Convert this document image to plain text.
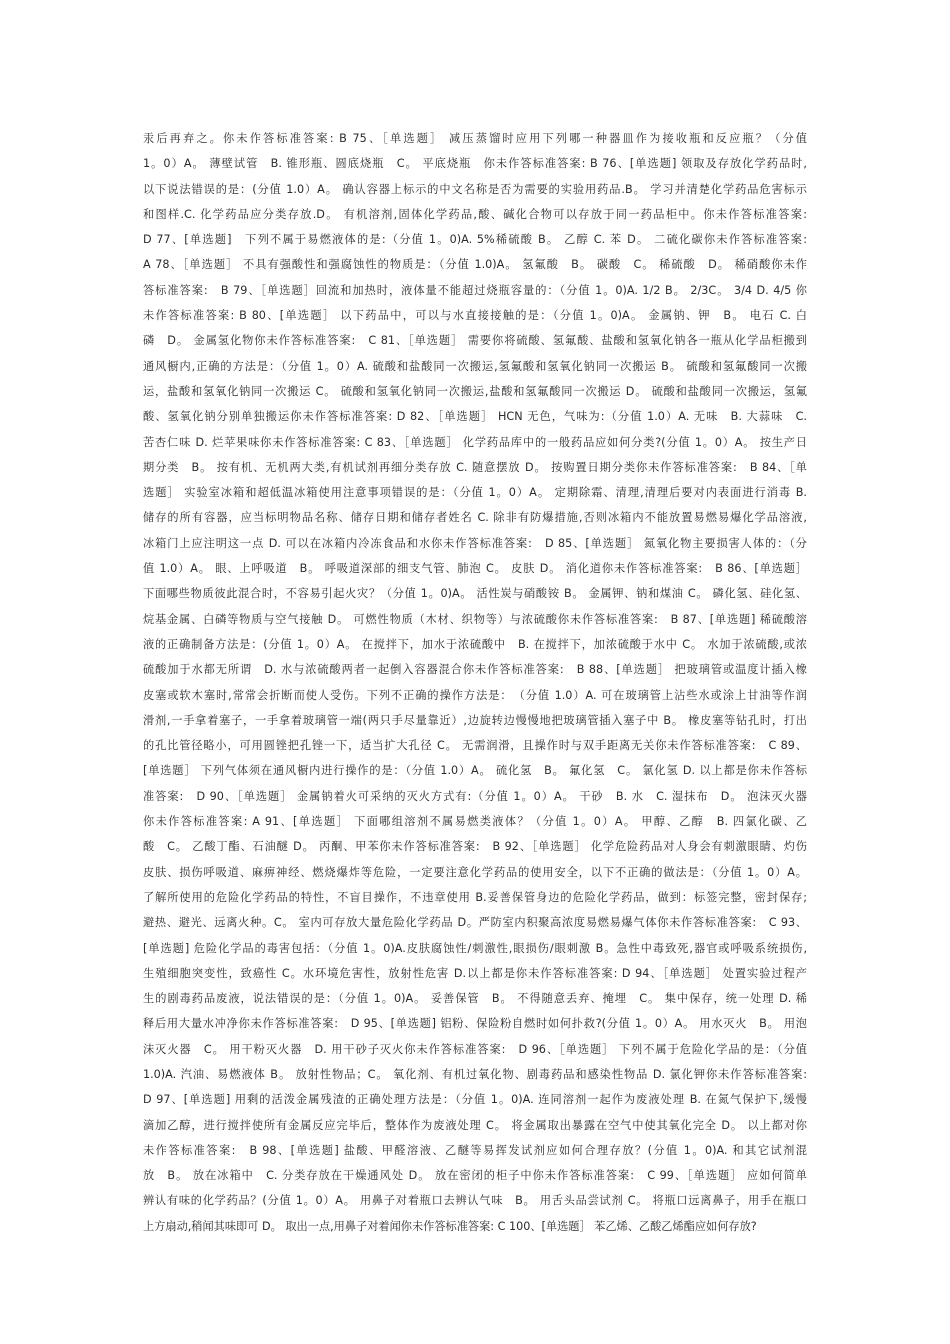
汞后再弃之。你未作答标准答案: B 75、［单选题］ 减压蒸馏时应用下列哪一种器皿作为接收瓶和反应瓶？（分值
1。0）A。 薄壁试管　B. 锥形瓶、圆底烧瓶　C。 平底烧瓶　你未作答标准答案: B 76、[单选题] 领取及存放化学药品时,
以下说法错误的是：(分值 1.0）A。 确认容器上标示的中文名称是否为需要的实验用药品.B。 学习并清楚化学药品危害标示
和图样.C. 化学药品应分类存放.D。 有机溶剂,固体化学药品,酸、碱化合物可以存放于同一药品柜中。你未作答标准答案:
D 77、[单选题]　下列不属于易燃液体的是:（分值 1。0)A. 5%稀硫酸 B。 乙醇 C. 苯 D。 二硫化碳你未作答标准答案:
A 78、［单选题］ 不具有强酸性和强腐蚀性的物质是：（分值 1.0)A。 氢氟酸　B。 碳酸　C。 稀硫酸　D。 稀硝酸你未作
答标准答案:　B 79、［单选题］回流和加热时，液体量不能超过烧瓶容量的：（分值 1。0)A. 1/2 B。 2/3C。 3/4 D. 4/5 你
未作答标准答案: B 80、[单选题］ 以下药品中，可以与水直接接触的是：（分值 1。0)A。 金属钠、钾　B。 电石 C. 白
磷　D。 金属氢化物你未作答标准答案:　C 81、［单选题］ 需要你将硫酸、氢氟酸、盐酸和氢氧化钠各一瓶从化学品柜搬到
通风橱内,正确的方法是：（分值 1。0）A. 硫酸和盐酸同一次搬运,氢氟酸和氢氧化钠同一次搬运 B。 硫酸和氢氟酸同一次搬
运，盐酸和氢氧化钠同一次搬运 C。 硫酸和氢氧化钠同一次搬运,盐酸和氢氟酸同一次搬运 D。 硫酸和盐酸同一次搬运，氢氟
酸、氢氧化钠分别单独搬运你未作答标准答案: D 82、［单选题］ HCN 无色，气味为:（分值 1.0）A. 无味　B. 大蒜味　C.
苦杏仁味 D. 烂苹果味你未作答标准答案: C 83、［单选题］ 化学药品库中的一般药品应如何分类?(分值 1。0）A。 按生产日
期分类　B。 按有机、无机两大类,有机试剂再细分类存放 C. 随意摆放 D。 按购置日期分类你未作答标准答案:　B 84、［单
选题］ 实验室冰箱和超低温冰箱使用注意事项错误的是：（分值 1。0）A。 定期除霜、清理,清理后要对内表面进行消毒 B.
储存的所有容器，应当标明物品名称、储存日期和储存者姓名 C. 除非有防爆措施,否则冰箱内不能放置易燃易爆化学品溶液,
冰箱门上应注明这一点 D. 可以在冰箱内冷冻食品和水你未作答标准答案:　D 85、[单选题］ 氮氧化物主要损害人体的：（分
值 1.0）A。 眼、上呼吸道　B。 呼吸道深部的细支气管、肺泡 C。 皮肤 D。 消化道你未作答标准答案:　B 86、[单选题］
下面哪些物质彼此混合时，不容易引起火灾？（分值 1。0)A。 活性炭与硝酸铵 B。 金属钾、钠和煤油 C。 磷化氢、硅化氢、
烷基金属、白磷等物质与空气接触 D。 可燃性物质（木材、织物等）与浓硫酸你未作答标准答案:　B 87、[单选题] 稀硫酸溶
液的正确制备方法是：(分值 1。0）A。 在搅拌下，加水于浓硫酸中　B. 在搅拌下，加浓硫酸于水中 C。 水加于浓硫酸,或浓
硫酸加于水都无所谓　D. 水与浓硫酸两者一起倒入容器混合你未作答标准答案:　B 88、[单选题］ 把玻璃管或温度计插入橡
皮塞或软木塞时,常常会折断而使人受伤。下列不正确的操作方法是：　（分值 1.0）A. 可在玻璃管上沾些水或涂上甘油等作润
滑剂,一手拿着塞子，一手拿着玻璃管一端(两只手尽量靠近）,边旋转边慢慢地把玻璃管插入塞子中 B。 橡皮塞等钻孔时，打出
的孔比管径略小，可用圆锉把孔锉一下，适当扩大孔径 C。 无需润滑，且操作时与双手距离无关你未作答标准答案:　C 89、
[单选题］ 下列气体须在通风橱内进行操作的是：（分值 1.0）A。 硫化氢　B。 氟化氢　C。 氯化氢 D. 以上都是你未作答标
准答案:　D 90、［单选题］ 金属钠着火可采纳的灭火方式有:（分值 1。0）A。 干砂　B. 水　C. 湿抹布　D。 泡沫灭火器
你未作答标准答案: A 91、[单选题］ 下面哪组溶剂不属易燃类液体？（分值 1。0）A。 甲醇、乙醇　B. 四氯化碳、乙
酸　C。 乙酸丁酯、石油醚 D。 丙酮、甲苯你未作答标准答案:　B 92、［单选题］ 化学危险药品对人身会有刺激眼睛、灼伤
皮肤、损伤呼吸道、麻痹神经、燃烧爆炸等危险，一定要注意化学药品的使用安全，以下不正确的做法是：（分值 1。0）A。
了解所使用的危险化学药品的特性，不盲目操作，不违章使用 B.妥善保管身边的危险化学药品，做到：标签完整，密封保存;
避热、避光、远离火种。C。 室内可存放大量危险化学药品 D。严防室内积聚高浓度易燃易爆气体你未作答标准答案:　C 93、
[单选题] 危险化学品的毒害包括：（分值 1。0)A.皮肤腐蚀性/刺激性,眼损伤/眼刺激 B。急性中毒致死,器官或呼吸系统损伤,
生殖细胞突变性，致癌性 C。水环境危害性，放射性危害 D.以上都是你未作答标准答案: D 94、［单选题］ 处置实验过程产
生的剧毒药品废液，说法错误的是：（分值 1。0)A。 妥善保管　B。 不得随意丢弃、掩埋　C。 集中保存，统一处理 D. 稀
释后用大量水冲净你未作答标准答案:　D 95、[单选题] 铝粉、保险粉自燃时如何扑救?(分值 1。0）A。 用水灭火　B。 用泡
沫灭火器　C。 用干粉灭火器　D. 用干砂子灭火你未作答标准答案:　D 96、［单选题］ 下列不属于危险化学品的是：（分值
1.0)A. 汽油、易燃液体 B。 放射性物品；C。 氧化剂、有机过氧化物、剧毒药品和感染性物品 D. 氯化钾你未作答标准答案:
D 97、[单选题] 用剩的活泼金属残渣的正确处理方法是：（分值 1。0)A. 连同溶剂一起作为废液处理 B. 在氮气保护下,缓慢
滴加乙醇，进行搅拌使所有金属反应完毕后，整体作为废液处理 C。 将金属取出暴露在空气中使其氧化完全 D。 以上都对你
未作答标准答案:　B 98、[单选题] 盐酸、甲醛溶液、乙醚等易挥发试剂应如何合理存放？(分值 1。0)A. 和其它试剂混
放　B。 放在冰箱中　C. 分类存放在干燥通风处 D。 放在密闭的柜子中你未作答标准答案:　C 99、［单选题］ 应如何简单
辨认有味的化学药品？(分值 1。0）A。 用鼻子对着瓶口去辨认气味　B。 用舌头品尝试剂 C。 将瓶口远离鼻子，用手在瓶口
上方扇动,稍闻其味即可 D。 取出一点,用鼻子对着闻你未作答标准答案: C 100、[单选题］ 苯乙烯、乙酸乙烯酯应如何存放?
